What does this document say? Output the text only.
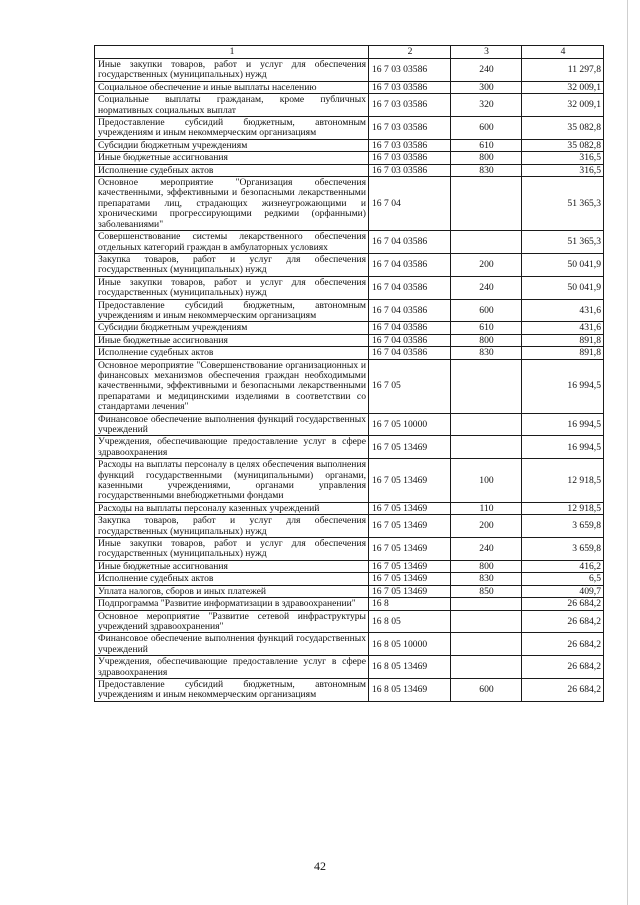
1	2	3	4
Иные закупки товаров, работ и услуг для обеспечения государственных (муниципальных) нужд	16 7 03 03586	240	11 297,8
Социальное обеспечение и иные выплаты населению	16 7 03 03586	300	32 009,1
Социальные выплаты гражданам, кроме публичных нормативных социальных выплат	16 7 03 03586	320	32 009,1
Предоставление субсидий бюджетным, автономным учреждениям и иным некоммерческим организациям	16 7 03 03586	600	35 082,8
Субсидии бюджетным учреждениям	16 7 03 03586	610	35 082,8
Иные бюджетные ассигнования	16 7 03 03586	800	316,5
Исполнение судебных актов	16 7 03 03586	830	316,5
Основное мероприятие "Организация обеспечения качественными, эффективными и безопасными лекарственными препаратами лиц, страдающих жизнеугрожающими и хроническими прогрессирующими редкими (орфанными) заболеваниями"	16 7 04		51 365,3
Совершенствование системы лекарственного обеспечения отдельных категорий граждан в амбулаторных условиях	16 7 04 03586		51 365,3
Закупка товаров, работ и услуг для обеспечения государственных (муниципальных) нужд	16 7 04 03586	200	50 041,9
Иные закупки товаров, работ и услуг для обеспечения государственных (муниципальных) нужд	16 7 04 03586	240	50 041,9
Предоставление субсидий бюджетным, автономным учреждениям и иным некоммерческим организациям	16 7 04 03586	600	431,6
Субсидии бюджетным учреждениям	16 7 04 03586	610	431,6
Иные бюджетные ассигнования	16 7 04 03586	800	891,8
Исполнение судебных актов	16 7 04 03586	830	891,8
Основное мероприятие "Совершенствование организационных и финансовых механизмов обеспечения граждан необходимыми качественными, эффективными и безопасными лекарственными препаратами и медицинскими изделиями в соответствии со стандартами лечения"	16 7 05		16 994,5
Финансовое обеспечение выполнения функций государственных учреждений	16 7 05 10000		16 994,5
Учреждения, обеспечивающие предоставление услуг в сфере здравоохранения	16 7 05 13469		16 994,5
Расходы на выплаты персоналу в целях обеспечения выполнения функций государственными (муниципальными) органами, казенными учреждениями, органами управления государственными внебюджетными фондами	16 7 05 13469	100	12 918,5
Расходы на выплаты персоналу казенных учреждений	16 7 05 13469	110	12 918,5
Закупка товаров, работ и услуг для обеспечения государственных (муниципальных) нужд	16 7 05 13469	200	3 659,8
Иные закупки товаров, работ и услуг для обеспечения государственных (муниципальных) нужд	16 7 05 13469	240	3 659,8
Иные бюджетные ассигнования	16 7 05 13469	800	416,2
Исполнение судебных актов	16 7 05 13469	830	6,5
Уплата налогов, сборов и иных платежей	16 7 05 13469	850	409,7
Подпрограмма "Развитие информатизации в здравоохранении"	16 8		26 684,2
Основное мероприятие "Развитие сетевой инфраструктуры учреждений здравоохранения"	16 8 05		26 684,2
Финансовое обеспечение выполнения функций государственных учреждений	16 8 05 10000		26 684,2
Учреждения, обеспечивающие предоставление услуг в сфере здравоохранения	16 8 05 13469		26 684,2
Предоставление субсидий бюджетным, автономным учреждениям и иным некоммерческим организациям	16 8 05 13469	600	26 684,2
42
